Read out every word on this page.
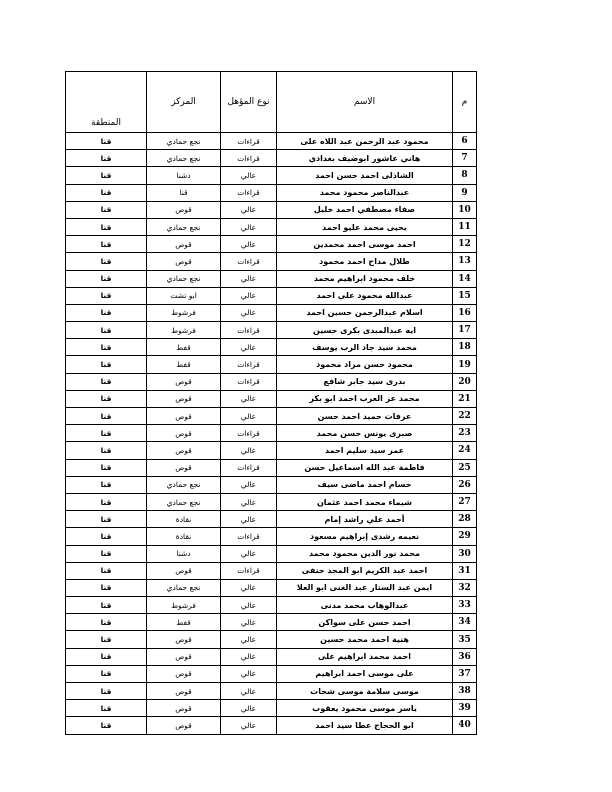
م	الاسم	نوع المؤهل	المركز	المنطقة
6	محمود عبد الرحمن عبد اللاه على	قراءات	نجع حمادي	قنا
7	هاني عاشور ابوضيف بغدادي	قراءات	نجع حمادي	قنا
8	الشاذلى احمد حسن احمد	عالي	دشنا	قنا
9	عبدالناصر محمود محمد	قراءات	قنا	قنا
10	صفاء مصطفي احمد خليل	عالي	قوص	قنا
11	يحيى محمد عليو احمد	عالي	نجع حمادي	قنا
12	احمد موسى احمد محمدين	عالي	قوص	قنا
13	طلال مداح احمد محمود	قراءات	قوص	قنا
14	خلف محمود ابراهيم محمد	عالي	نجع حمادي	قنا
15	عبدالله محمود علي احمد	عالي	ابو تشت	قنا
16	اسلام عبدالرحمن حسين احمد	عالي	فرشوط	قنا
17	ايه عبدالمبدى بكرى حسين	قراءات	فرشوط	قنا
18	محمد سيد جاد الرب يوسف	عالي	قفط	قنا
19	محمود حسن مراد محمود	قراءات	قفط	قنا
20	بدرى سيد جابر شافع	قراءات	قوص	قنا
21	محمد عز العرب احمد ابو بكر	عالي	قوص	قنا
22	عرفات حميد احمد حسن	عالي	قوص	قنا
23	صبرى يونس حسن محمد	قراءات	قوص	قنا
24	عمر سيد سليم احمد	عالي	قوص	قنا
25	فاطمة عبد الله اسماعيل حسن	قراءات	قوص	قنا
26	حسام احمد ماضى سيف	عالي	نجع حمادي	قنا
27	شيماء محمد احمد عثمان	عالي	نجع حمادي	قنا
28	أحمد علي راشد إمام	عالي	نقادة	قنا
29	نعيمه رشدى إبراهيم مسعود	قراءات	نقادة	قنا
30	محمد نور الدين محمود محمد	عالي	دشنا	قنا
31	احمد عبد الكريم ابو المجد حنفى	قراءات	قوص	قنا
32	ايمن عبد الستار عبد الغنى ابو العلا	عالي	نجع حمادي	قنا
33	عبدالوهاب محمد مدنى	عالي	فرشوط	قنا
34	احمد حسن على سواكن	عالي	قفط	قنا
35	هنية احمد محمد حسين	عالي	قوص	قنا
36	احمد محمد ابراهيم على	عالي	قوص	قنا
37	على موسى احمد ابراهيم	عالي	قوص	قنا
38	موسى سلامة موسى شحات	عالي	قوص	قنا
39	ياسر موسى محمود يعقوب	عالي	قوص	قنا
40	ابو الحجاج عطا سيد احمد	عالي	قوص	قنا
